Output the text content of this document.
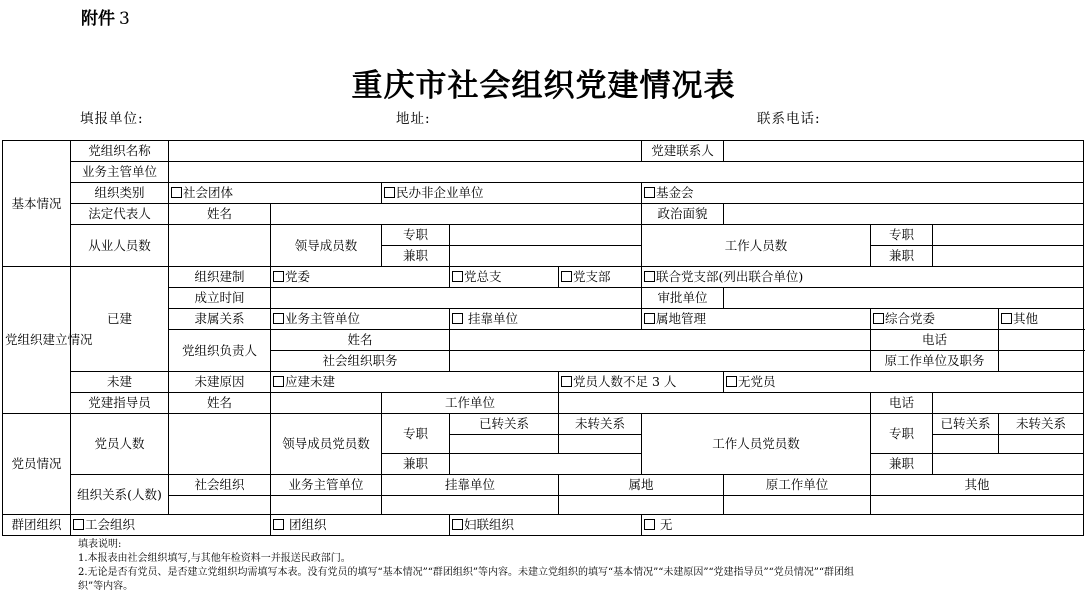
附件 3
重庆市社会组织党建情况表
填报单位:	地址:	联系电话:
基本情况	党组织名称						党建联系人				
	业务主管单位										
	组织类别	社会团体		民办非企业单位			基金会				
	法定代表人	姓名					政治面貌				
	从业人员数		领导成员数	专职			工作人员数		专职		
				兼职					兼职		
党组织建立情况	已建	组织建制	党委		党总支	党支部	联合党支部(列出联合单位)				
		成立时间					审批单位				
		隶属关系	业务主管单位		挂靠单位		属地管理		综合党委		其他
		党组织负责人	姓名						电话		
			社会组织职务						原工作单位及职务		
	未建	未建原因	应建未建			党员人数不足 3 人		无党员			
	党建指导员	姓名		工作单位					电话		
党员情况	党员人数		领导成员党员数	专职	已转关系	未转关系	工作人员党员数		专职	已转关系	未转关系

				兼职					兼职		
	组织关系(人数)	社会组织	业务主管单位	挂靠单位		属地		原工作单位	其他		

群团组织	工会组织		团组织		妇联组织		无				
填表说明:
1.本报表由社会组织填写,与其他年检资料一并报送民政部门。
2.无论是否有党员、是否建立党组织均需填写本表。没有党员的填写“基本情况”“群团组织”等内容。未建立党组织的填写“基本情况”“未建原因”“党建指导员”“党员情况”“群团组
织”等内容。
